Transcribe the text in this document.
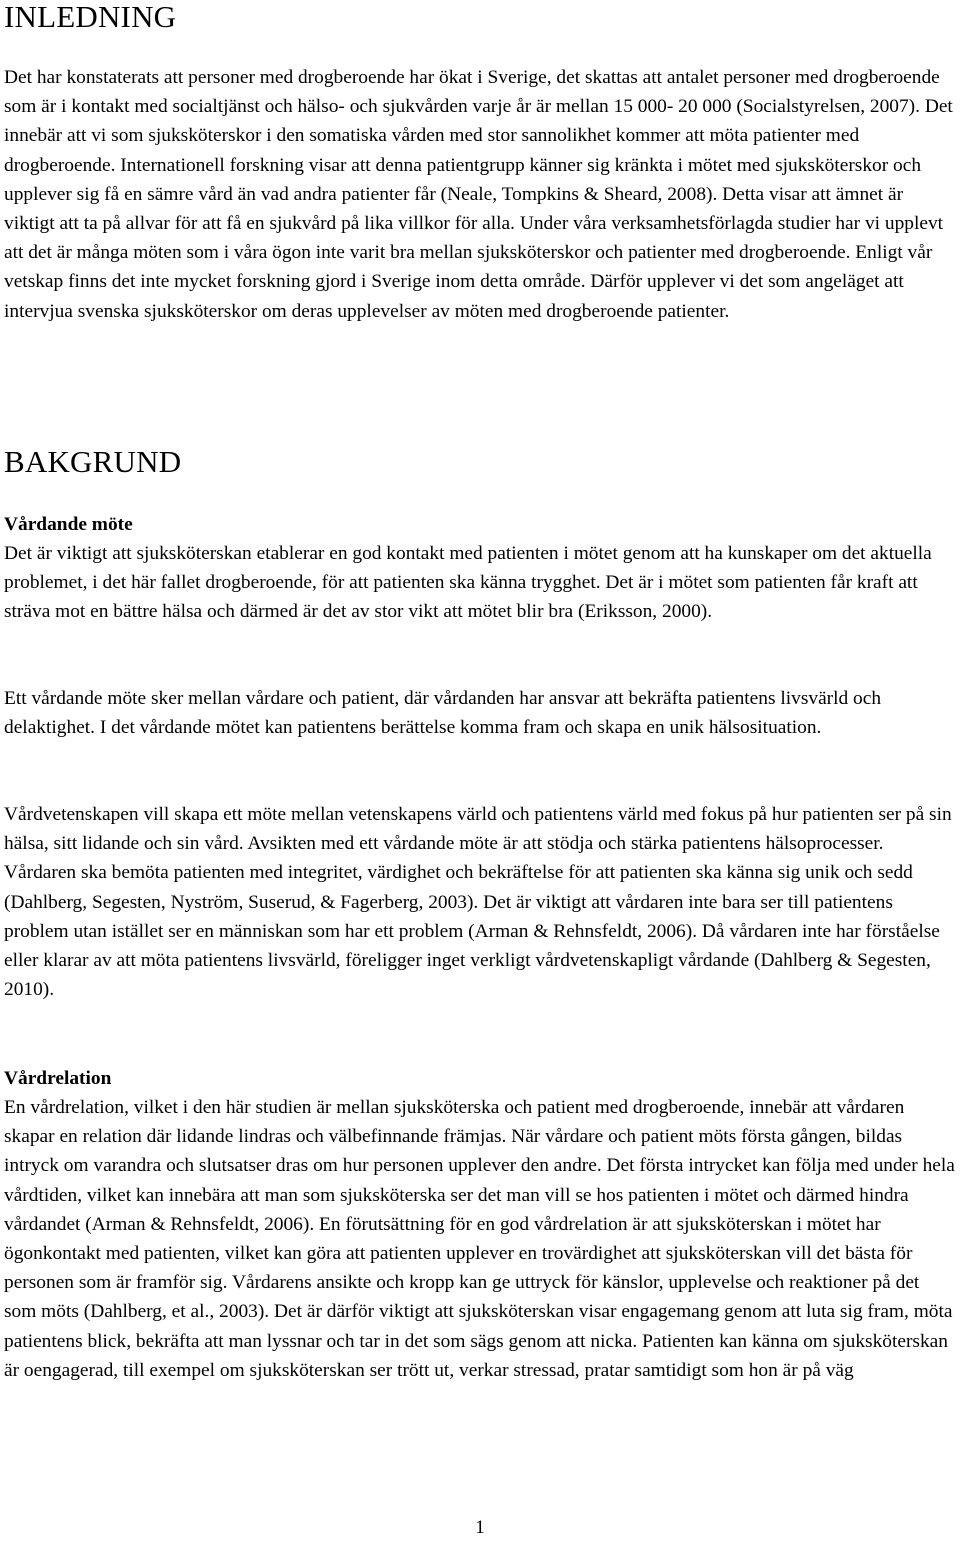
INLEDNING

Det har konstaterats att personer med drogberoende har ökat i Sverige, det skattas att antalet personer med drogberoende som är i kontakt med socialtjänst och hälso- och sjukvården varje år är mellan 15 000- 20 000 (Socialstyrelsen, 2007). Det innebär att vi som sjuksköterskor i den somatiska vården med stor sannolikhet kommer att möta patienter med drogberoende. Internationell forskning visar att denna patientgrupp känner sig kränkta i mötet med sjuksköterskor och upplever sig få en sämre vård än vad andra patienter får (Neale, Tompkins & Sheard, 2008). Detta visar att ämnet är viktigt att ta på allvar för att få en sjukvård på lika villkor för alla. Under våra verksamhetsförlagda studier har vi upplevt att det är många möten som i våra ögon inte varit bra mellan sjuksköterskor och patienter med drogberoende. Enligt vår vetskap finns det inte mycket forskning gjord i Sverige inom detta område. Därför upplever vi det som angeläget att intervjua svenska sjuksköterskor om deras upplevelser av möten med drogberoende patienter.

BAKGRUND
Vårdande möte

Det är viktigt att sjuksköterskan etablerar en god kontakt med patienten i mötet genom att ha kunskaper om det aktuella problemet, i det här fallet drogberoende, för att patienten ska känna trygghet. Det är i mötet som patienten får kraft att sträva mot en bättre hälsa och därmed är det av stor vikt att mötet blir bra (Eriksson, 2000).

Ett vårdande möte sker mellan vårdare och patient, där vårdanden har ansvar att bekräfta patientens livsvärld och delaktighet. I det vårdande mötet kan patientens berättelse komma fram och skapa en unik hälsosituation.

Vårdvetenskapen vill skapa ett möte mellan vetenskapens värld och patientens värld med fokus på hur patienten ser på sin hälsa, sitt lidande och sin vård. Avsikten med ett vårdande möte är att stödja och stärka patientens hälsoprocesser. Vårdaren ska bemöta patienten med integritet, värdighet och bekräftelse för att patienten ska känna sig unik och sedd (Dahlberg, Segesten, Nyström, Suserud, & Fagerberg, 2003). Det är viktigt att vårdaren inte bara ser till patientens problem utan istället ser en människan som har ett problem (Arman & Rehnsfeldt, 2006). Då vårdaren inte har förståelse eller klarar av att möta patientens livsvärld, föreligger inget verkligt vårdvetenskapligt vårdande (Dahlberg & Segesten, 2010).

Vårdrelation

En vårdrelation, vilket i den här studien är mellan sjuksköterska och patient med drogberoende, innebär att vårdaren skapar en relation där lidande lindras och välbefinnande främjas. När vårdare och patient möts första gången, bildas intryck om varandra och slutsatser dras om hur personen upplever den andre. Det första intrycket kan följa med under hela vårdtiden, vilket kan innebära att man som sjuksköterska ser det man vill se hos patienten i mötet och därmed hindra vårdandet (Arman & Rehnsfeldt, 2006). En förutsättning för en god vårdrelation är att sjuksköterskan i mötet har ögonkontakt med patienten, vilket kan göra att patienten upplever en trovärdighet att sjuksköterskan vill det bästa för personen som är framför sig. Vårdarens ansikte och kropp kan ge uttryck för känslor, upplevelse och reaktioner på det som möts (Dahlberg, et al., 2003). Det är därför viktigt att sjuksköterskan visar engagemang genom att luta sig fram, möta patientens blick, bekräfta att man lyssnar och tar in det som sägs genom att nicka. Patienten kan känna om sjuksköterskan är oengagerad, till exempel om sjuksköterskan ser trött ut, verkar stressad, pratar samtidigt som hon är på väg

1
